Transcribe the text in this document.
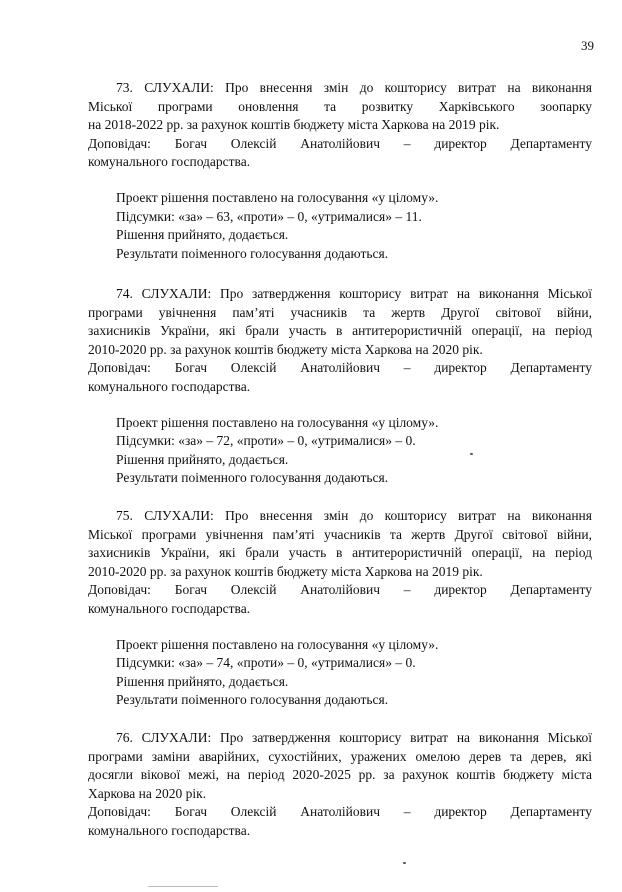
39
73. СЛУХАЛИ: Про внесення змін до кошторису витрат на виконання
Міської програми оновлення та розвитку Харківського зоопарку
на 2018-2022 рр. за рахунок коштів бюджету міста Харкова на 2019 рік.
Доповідач: Богач Олексій Анатолійович – директор Департаменту
комунального господарства.
Проект рішення поставлено на голосування «у цілому».
Підсумки: «за» – 63, «проти» – 0, «утрималися» – 11.
Рішення прийнято, додається.
Результати поіменного голосування додаються.
74. СЛУХАЛИ: Про затвердження кошторису витрат на виконання Міської
програми увічнення пам’яті учасників та жертв Другої світової війни,
захисників України, які брали участь в антитерористичній операції, на період
2010-2020 рр. за рахунок коштів бюджету міста Харкова на 2020 рік.
Доповідач: Богач Олексій Анатолійович – директор Департаменту
комунального господарства.
Проект рішення поставлено на голосування «у цілому».
Підсумки: «за» – 72, «проти» – 0, «утрималися» – 0.
Рішення прийнято, додається.
Результати поіменного голосування додаються.
75. СЛУХАЛИ: Про внесення змін до кошторису витрат на виконання
Міської програми увічнення пам’яті учасників та жертв Другої світової війни,
захисників України, які брали участь в антитерористичній операції, на період
2010-2020 рр. за рахунок коштів бюджету міста Харкова на 2019 рік.
Доповідач: Богач Олексій Анатолійович – директор Департаменту
комунального господарства.
Проект рішення поставлено на голосування «у цілому».
Підсумки: «за» – 74, «проти» – 0, «утрималися» – 0.
Рішення прийнято, додається.
Результати поіменного голосування додаються.
76. СЛУХАЛИ: Про затвердження кошторису витрат на виконання Міської
програми заміни аварійних, сухостійних, уражених омелою дерев та дерев, які
досягли вікової межі, на період 2020-2025 рр. за рахунок коштів бюджету міста
Харкова на 2020 рік.
Доповідач: Богач Олексій Анатолійович – директор Департаменту
комунального господарства.
